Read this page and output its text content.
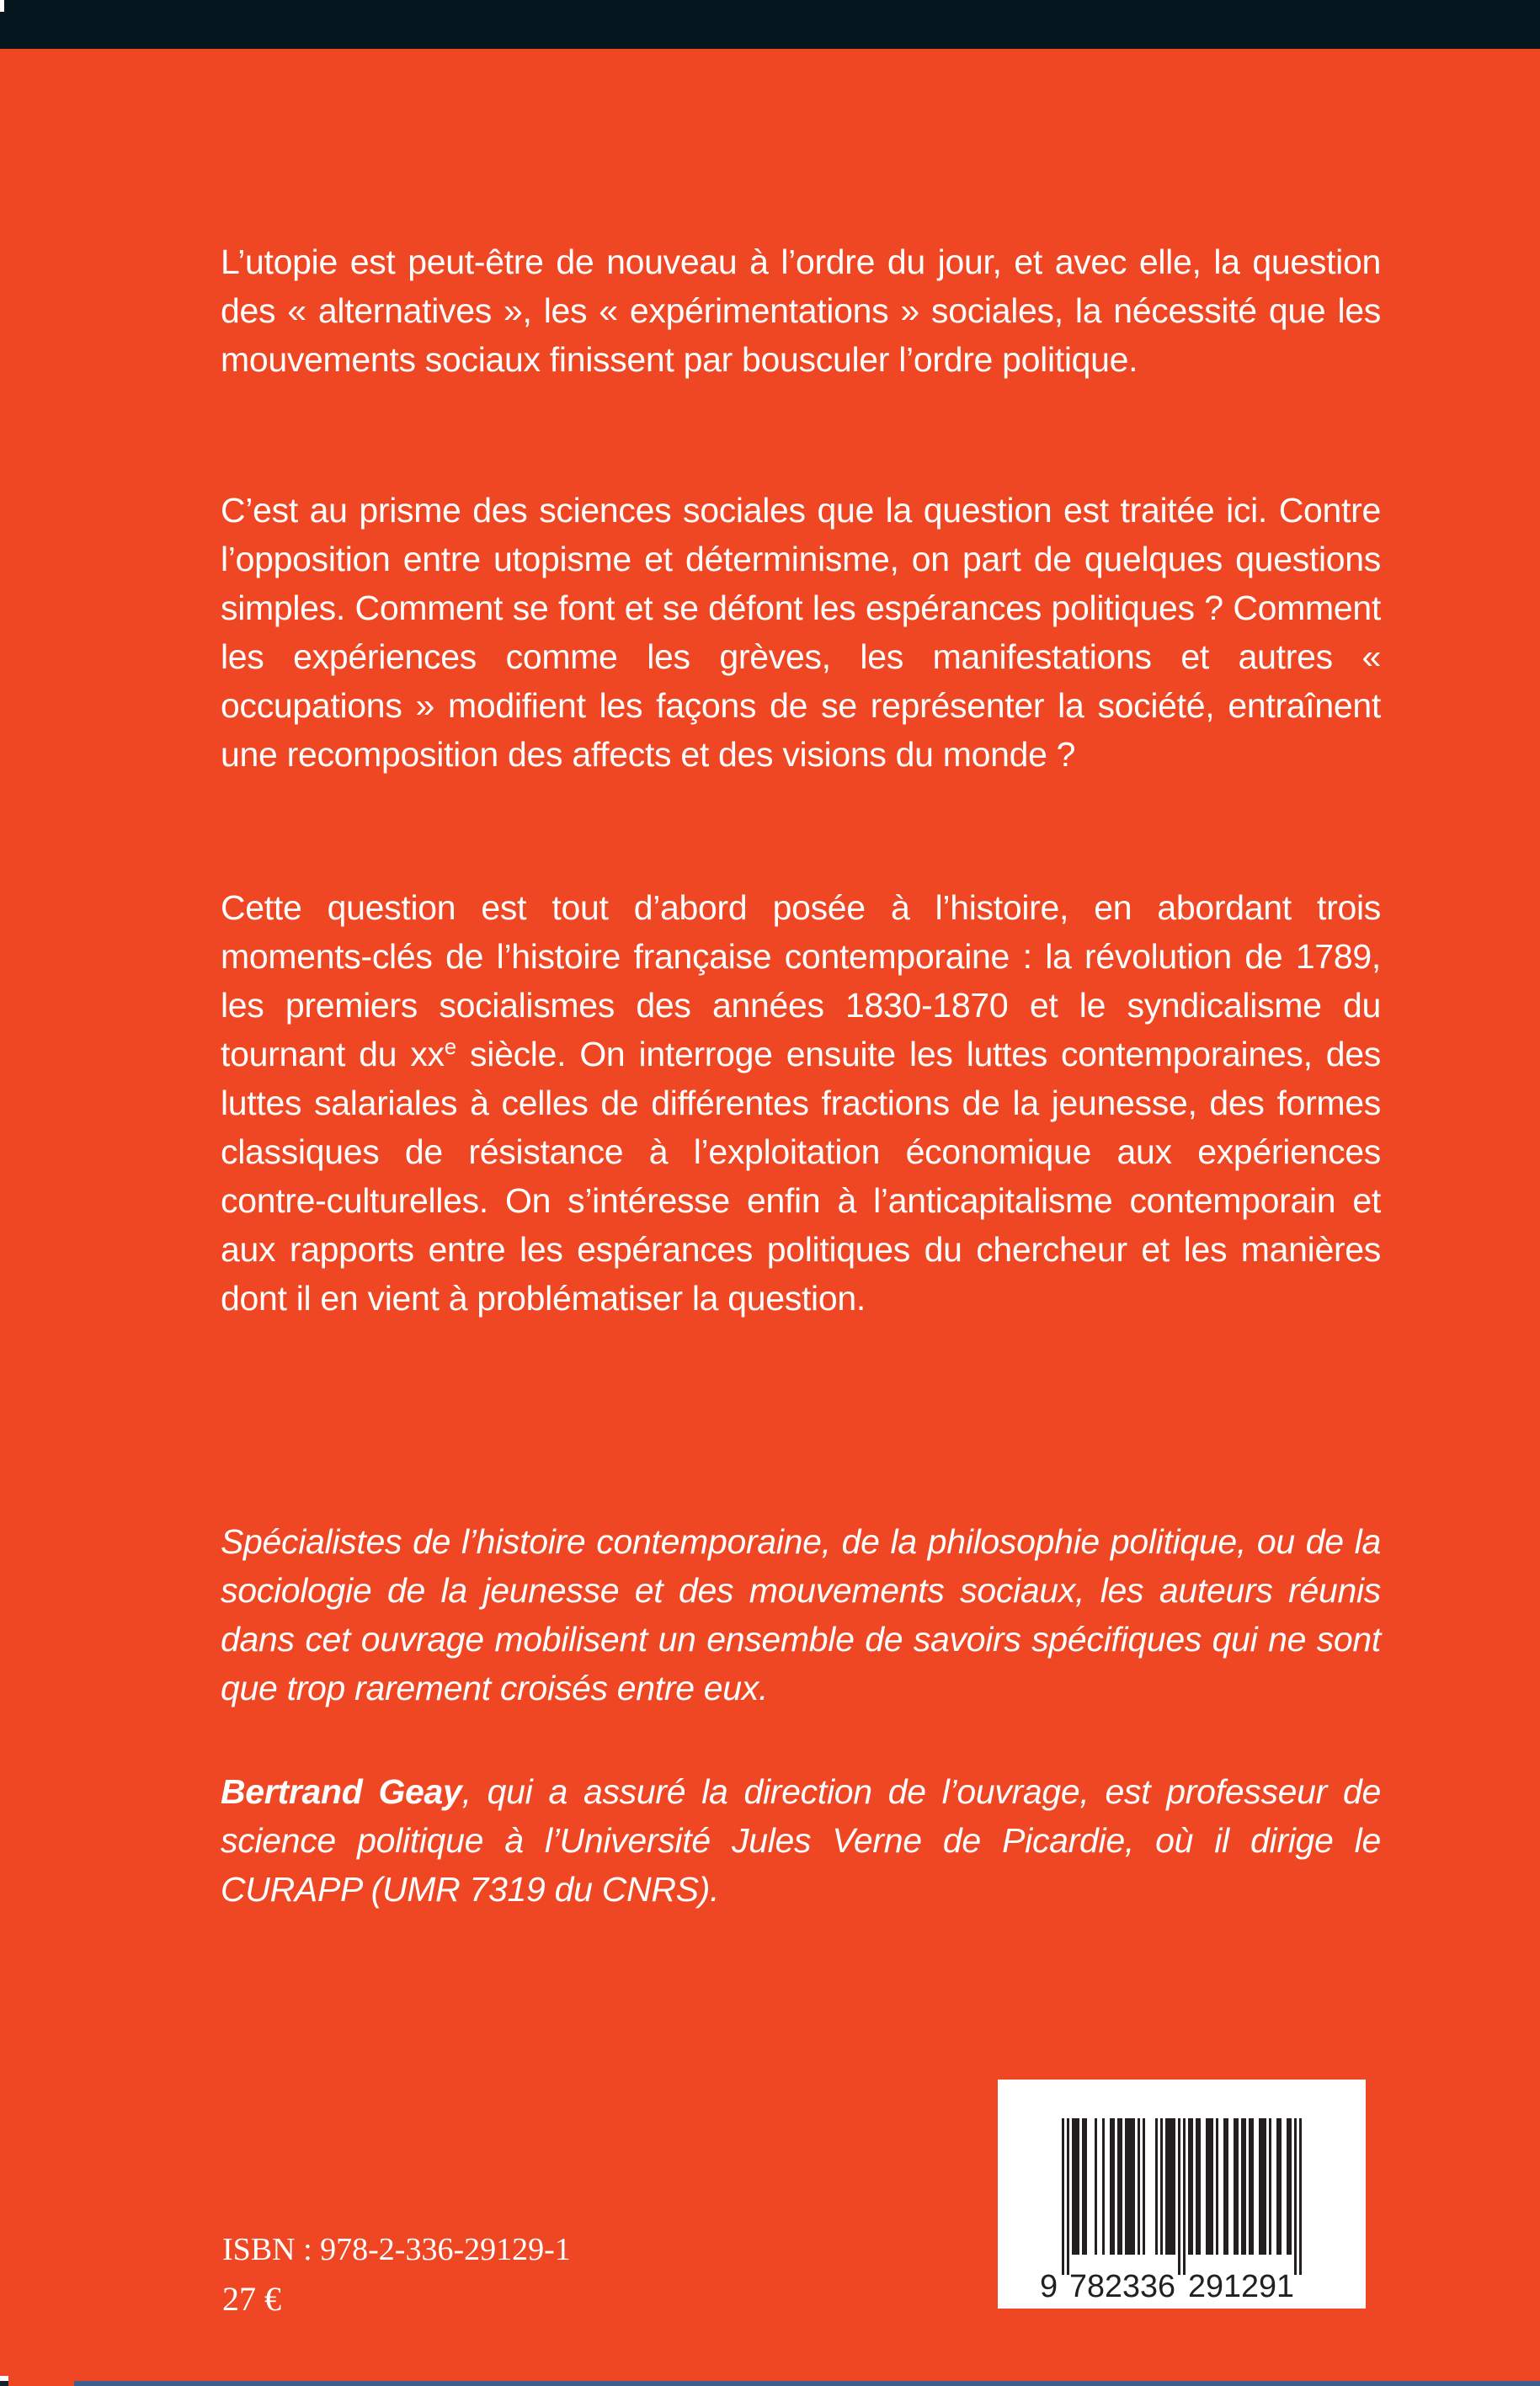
L’utopie est peut-être de nouveau à l’ordre du jour, et avec elle, la question des « alternatives », les « expérimentations » sociales, la nécessité que les mouvements sociaux finissent par bousculer l’ordre politique.

C’est au prisme des sciences sociales que la question est traitée ici. Contre l’opposition entre utopisme et déterminisme, on part de quelques questions simples. Comment se font et se défont les espérances politiques ? Comment les expériences comme les grèves, les manifestations et autres « occupations » modifient les façons de se représenter la société, entraînent une recomposition des affects et des visions du monde ?

Cette question est tout d’abord posée à l’histoire, en abordant trois moments-clés de l’histoire française contemporaine : la révolution de 1789, les premiers socialismes des années 1830-1870 et le syndicalisme du tournant du $xx^e$ siècle. On interroge ensuite les luttes contemporaines, des luttes salariales à celles de différentes fractions de la jeunesse, des formes classiques de résistance à l’exploitation économique aux expériences contre-culturelles. On s’intéresse enfin à l’anticapitalisme contemporain et aux rapports entre les espérances politiques du chercheur et les manières dont il en vient à problématiser la question.

Spécialistes de l’histoire contemporaine, de la philosophie politique, ou de la sociologie de la jeunesse et des mouvements sociaux, les auteurs réunis dans cet ouvrage mobilisent un ensemble de savoirs spécifiques qui ne sont que trop rarement croisés entre eux.

Bertrand Geay, qui a assuré la direction de l’ouvrage, est professeur de science politique à l’Université Jules Verne de Picardie, où il dirige le CURAPP (UMR 7319 du CNRS).

ISBN : 978-2-336-29129-1
27 €	9 782336 291291
